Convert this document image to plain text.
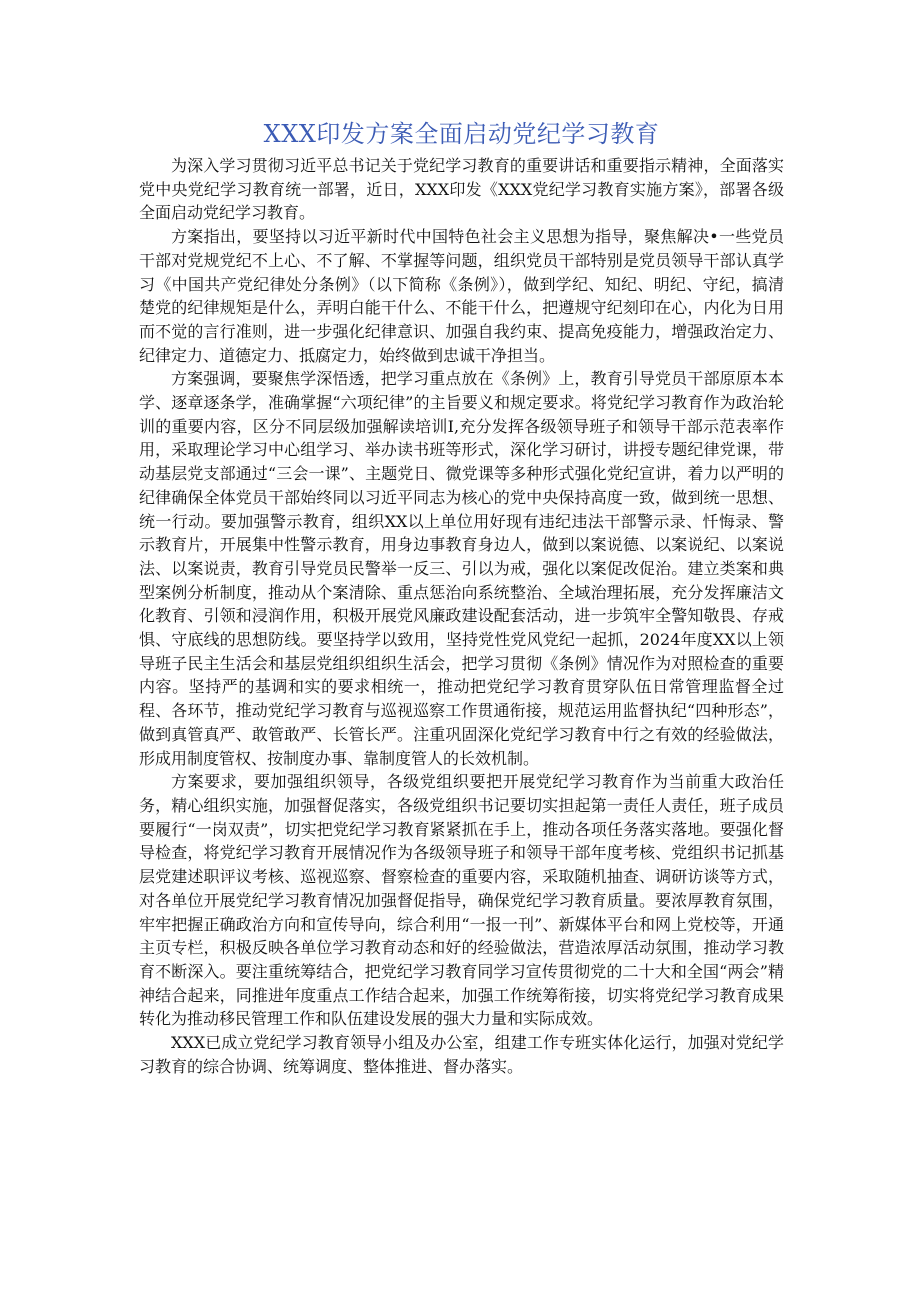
XXX印发方案全面启动党纪学习教育

为深入学习贯彻习近平总书记关于党纪学习教育的重要讲话和重要指示精神，全面落实党中央党纪学习教育统一部署，近日，XXX印发《XXX党纪学习教育实施方案》，部署各级全面启动党纪学习教育。

方案指出，要坚持以习近平新时代中国特色社会主义思想为指导，聚焦解决•一些党员干部对党规党纪不上心、不了解、不掌握等问题，组织党员干部特别是党员领导干部认真学习《中国共产党纪律处分条例》（以下简称《条例》），做到学纪、知纪、明纪、守纪，搞清楚党的纪律规矩是什么，弄明白能干什么、不能干什么，把遵规守纪刻印在心，内化为日用而不觉的言行准则，进一步强化纪律意识、加强自我约束、提高免疫能力，增强政治定力、纪律定力、道德定力、抵腐定力，始终做到忠诚干净担当。

方案强调，要聚焦学深悟透，把学习重点放在《条例》上，教育引导党员干部原原本本学、逐章逐条学，准确掌握“六项纪律”的主旨要义和规定要求。将党纪学习教育作为政治轮训的重要内容，区分不同层级加强解读培训I,充分发挥各级领导班子和领导干部示范表率作用，采取理论学习中心组学习、举办读书班等形式，深化学习研讨，讲授专题纪律党课，带动基层党支部通过“三会一课”、主题党日、微党课等多种形式强化党纪宣讲，着力以严明的纪律确保全体党员干部始终同以习近平同志为核心的党中央保持高度一致，做到统一思想、统一行动。要加强警示教育，组织XX以上单位用好现有违纪违法干部警示录、忏悔录、警示教育片，开展集中性警示教育，用身边事教育身边人，做到以案说德、以案说纪、以案说法、以案说责，教育引导党员民警举一反三、引以为戒，强化以案促改促治。建立类案和典型案例分析制度，推动从个案清除、重点惩治向系统整治、全域治理拓展，充分发挥廉洁文化教育、引领和浸润作用，积极开展党风廉政建设配套活动，进一步筑牢全警知敬畏、存戒惧、守底线的思想防线。要坚持学以致用，坚持党性党风党纪一起抓，2024年度XX以上领导班子民主生活会和基层党组织组织生活会，把学习贯彻《条例》情况作为对照检查的重要内容。坚持严的基调和实的要求相统一，推动把党纪学习教育贯穿队伍日常管理监督全过程、各环节，推动党纪学习教育与巡视巡察工作贯通衔接，规范运用监督执纪“四种形态”，做到真管真严、敢管敢严、长管长严。注重巩固深化党纪学习教育中行之有效的经验做法，形成用制度管权、按制度办事、靠制度管人的长效机制。

方案要求，要加强组织领导，各级党组织要把开展党纪学习教育作为当前重大政治任务，精心组织实施，加强督促落实，各级党组织书记要切实担起第一责任人责任，班子成员要履行“一岗双责”，切实把党纪学习教育紧紧抓在手上，推动各项任务落实落地。要强化督导检查，将党纪学习教育开展情况作为各级领导班子和领导干部年度考核、党组织书记抓基层党建述职评议考核、巡视巡察、督察检查的重要内容，采取随机抽查、调研访谈等方式，对各单位开展党纪学习教育情况加强督促指导，确保党纪学习教育质量。要浓厚教育氛围，牢牢把握正确政治方向和宣传导向，综合利用“一报一刊”、新媒体平台和网上党校等，开通主页专栏，积极反映各单位学习教育动态和好的经验做法，营造浓厚活动氛围，推动学习教育不断深入。要注重统筹结合，把党纪学习教育同学习宣传贯彻党的二十大和全国“两会”精神结合起来，同推进年度重点工作结合起来，加强工作统筹衔接，切实将党纪学习教育成果转化为推动移民管理工作和队伍建设发展的强大力量和实际成效。

XXX已成立党纪学习教育领导小组及办公室，组建工作专班实体化运行，加强对党纪学习教育的综合协调、统筹调度、整体推进、督办落实。
